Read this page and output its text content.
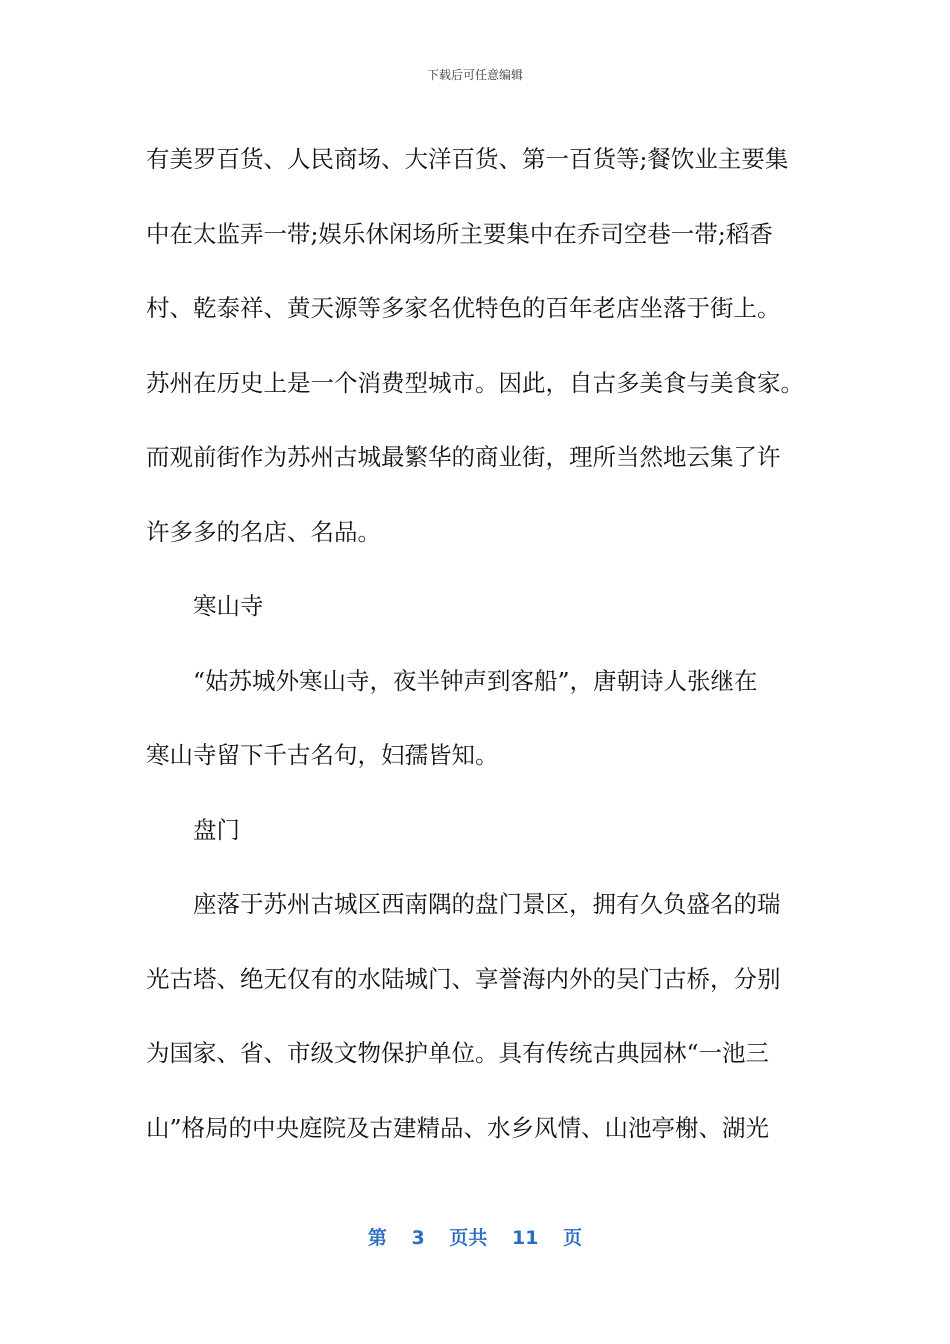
下载后可任意编辑
有美罗百货、人民商场、大洋百货、第一百货等;餐饮业主要集
中在太监弄一带;娱乐休闲场所主要集中在乔司空巷一带;稻香
村、乾泰祥、黄天源等多家名优特色的百年老店坐落于街上。
苏州在历史上是一个消费型城市。因此，自古多美食与美食家。
而观前街作为苏州古城最繁华的商业街，理所当然地云集了许
许多多的名店、名品。
寒山寺
“姑苏城外寒山寺，夜半钟声到客船”，唐朝诗人张继在
寒山寺留下千古名句，妇孺皆知。
盘门
座落于苏州古城区西南隅的盘门景区，拥有久负盛名的瑞
光古塔、绝无仅有的水陆城门、享誉海内外的吴门古桥，分别
为国家、省、市级文物保护单位。具有传统古典园林“一池三
山”格局的中央庭院及古建精品、水乡风情、山池亭榭、湖光
第 3 页共 11 页
